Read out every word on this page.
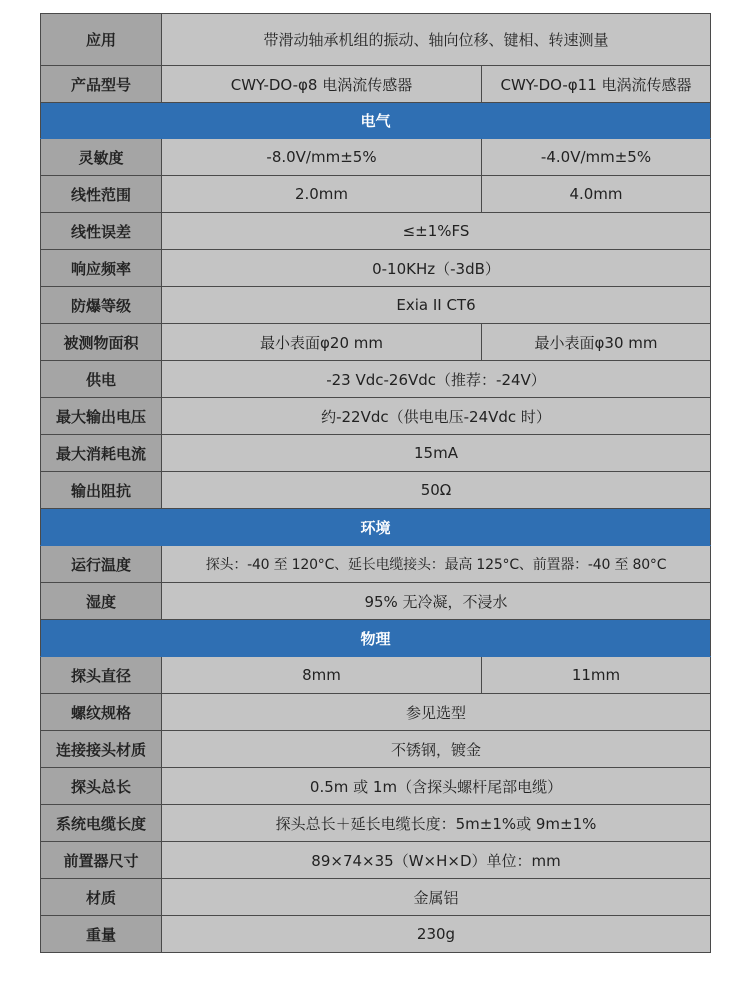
应用	带滑动轴承机组的振动、轴向位移、键相、转速测量	
产品型号	CWY-DO-φ8 电涡流传感器	CWY-DO-φ11 电涡流传感器
电气		
灵敏度	-8.0V/mm±5%	-4.0V/mm±5%
线性范围	2.0mm	4.0mm
线性误差	≤±1%FS	
响应频率	0-10KHz（-3dB）	
防爆等级	Exia II CT6	
被测物面积	最小表面φ20 mm	最小表面φ30 mm
供电	-23 Vdc-26Vdc（推荐：-24V）	
最大输出电压	约-22Vdc（供电电压-24Vdc 时）	
最大消耗电流	15mA	
输出阻抗	50Ω	
环境		
运行温度	探头：-40 至 120°C、延长电缆接头：最高 125°C、前置器：-40 至 80°C	
湿度	95% 无冷凝，不浸水	
物理		
探头直径	8mm	11mm
螺纹规格	参见选型	
连接接头材质	不锈钢，镀金	
探头总长	0.5m 或 1m（含探头螺杆尾部电缆）	
系统电缆长度	探头总长＋延长电缆长度：5m±1%或 9m±1%	
前置器尺寸	89×74×35（W×H×D）单位：mm	
材质	金属铝	
重量	230g	
